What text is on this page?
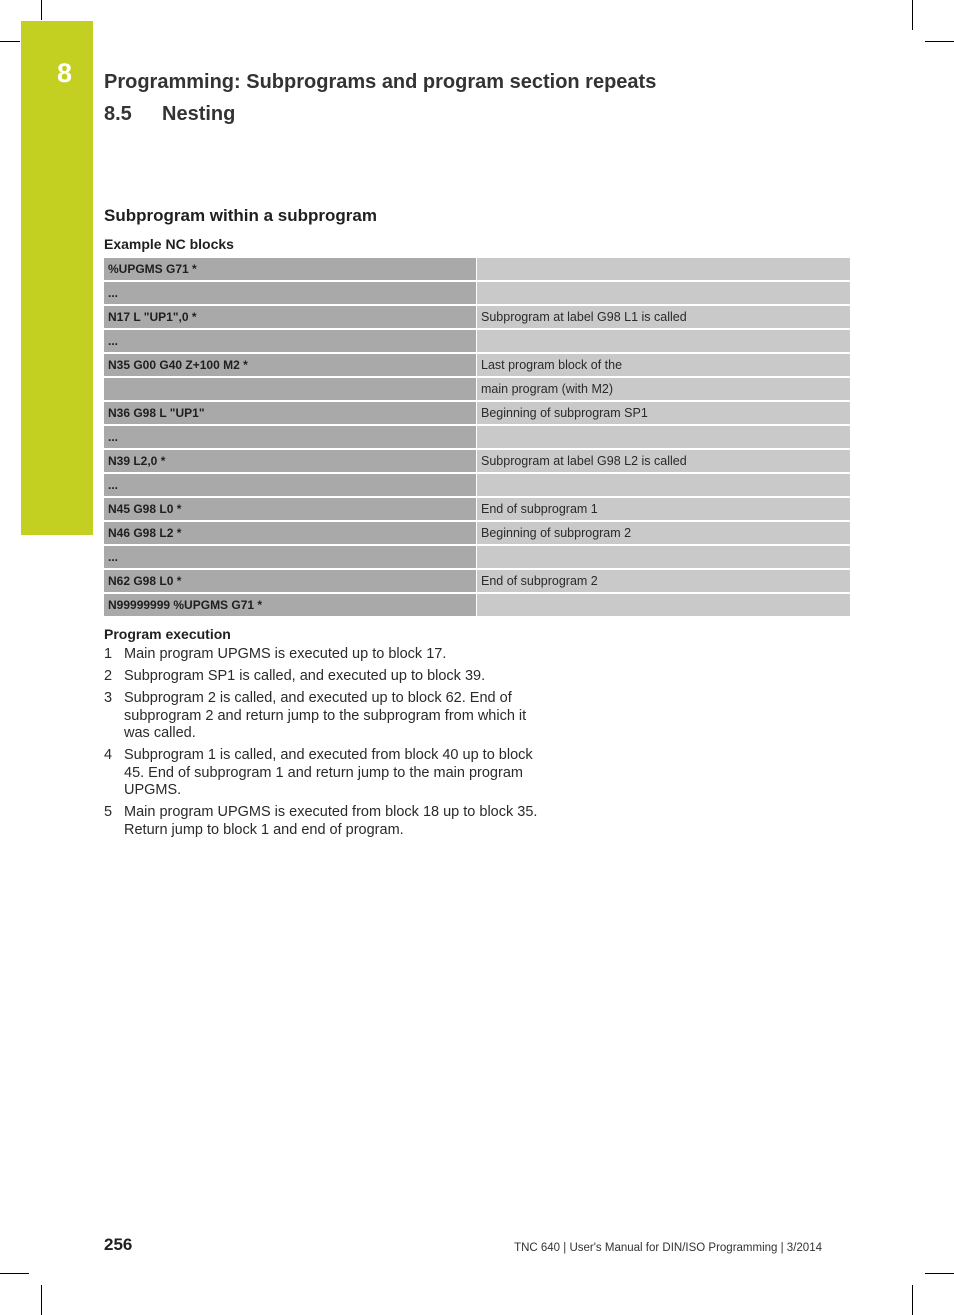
8 Programming: Subprograms and program section repeats
8.5 Nesting
Subprogram within a subprogram
Example NC blocks
%UPGMS G71 *
...
N17 L "UP1",0 *	Subprogram at label G98 L1 is called
...
N35 G00 G40 Z+100 M2 *	Last program block of the
main program (with M2)
N36 G98 L "UP1"	Beginning of subprogram SP1
...
N39 L2,0 *	Subprogram at label G98 L2 is called
...
N45 G98 L0 *	End of subprogram 1
N46 G98 L2 *	Beginning of subprogram 2
...
N62 G98 L0 *	End of subprogram 2
N99999999 %UPGMS G71 *
Program execution
1 Main program UPGMS is executed up to block 17.
2 Subprogram SP1 is called, and executed up to block 39.
3 Subprogram 2 is called, and executed up to block 62. End of subprogram 2 and return jump to the subprogram from which it was called.
4 Subprogram 1 is called, and executed from block 40 up to block 45. End of subprogram 1 and return jump to the main program UPGMS.
5 Main program UPGMS is executed from block 18 up to block 35. Return jump to block 1 and end of program.
256	TNC 640 | User's Manual for DIN/ISO Programming | 3/2014
